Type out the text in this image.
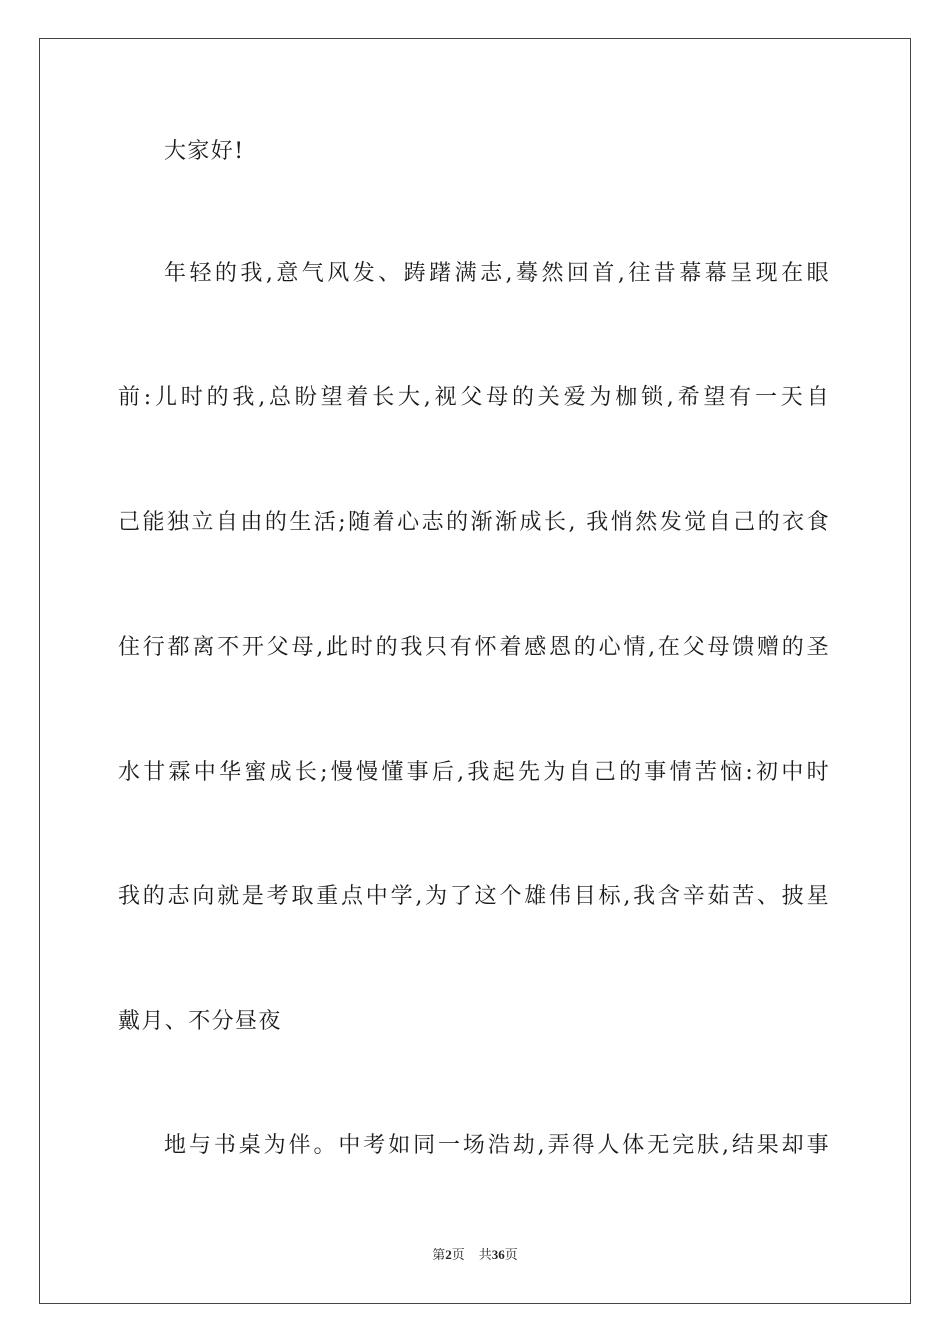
大家好!
年轻的我,意气风发、踌躇满志,蓦然回首,往昔幕幕呈现在眼
前:儿时的我,总盼望着长大,视父母的关爱为枷锁,希望有一天自
己能独立自由的生活;随着心志的渐渐成长, 我悄然发觉自己的衣食
住行都离不开父母,此时的我只有怀着感恩的心情,在父母馈赠的圣
水甘霖中华蜜成长;慢慢懂事后,我起先为自己的事情苦恼:初中时
我的志向就是考取重点中学,为了这个雄伟目标,我含辛茹苦、披星
戴月、不分昼夜
地与书桌为伴。中考如同一场浩劫,弄得人体无完肤,结果却事
第2页 共36页
